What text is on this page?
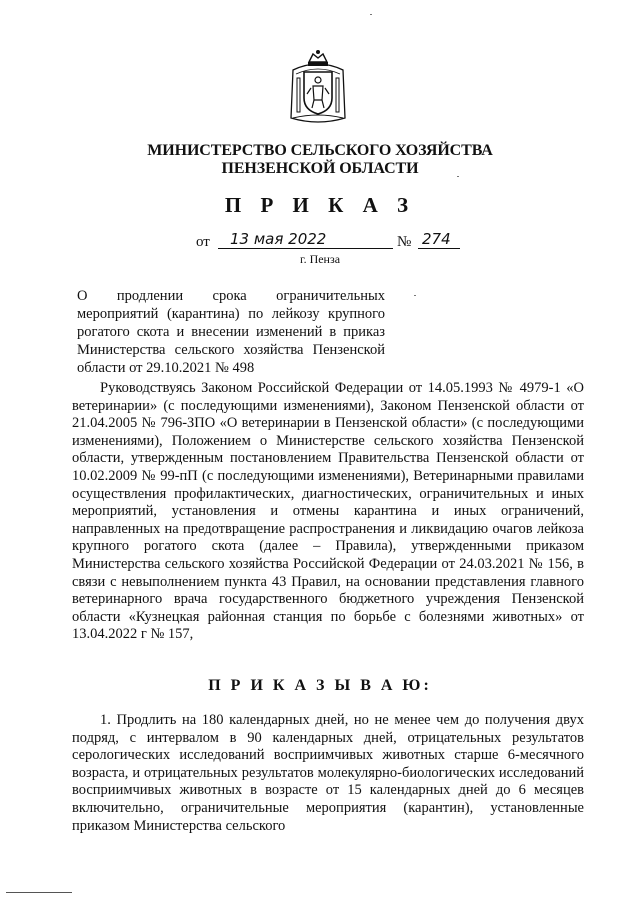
МИНИСТЕРСТВО СЕЛЬСКОГО ХОЗЯЙСТВА
ПЕНЗЕНСКОЙ ОБЛАСТИ
П Р И К А З
от	13 мая 2022	№ 274
г. Пенза
О продлении срока ограничительных мероприятий (карантина) по лейкозу крупного рогатого скота и внесении изменений в приказ Министерства сельского хозяйства Пензенской области от 29.10.2021 № 498

Руководствуясь Законом Российской Федерации от 14.05.1993 № 4979-1 «О ветеринарии» (с последующими изменениями), Законом Пензенской области от 21.04.2005 № 796-ЗПО «О ветеринарии в Пензенской области» (с последующими изменениями), Положением о Министерстве сельского хозяйства Пензенской области, утвержденным постановлением Правительства Пензенской области от 10.02.2009 № 99-пП (с последующими изменениями), Ветеринарными правилами осуществления профилактических, диагностических, ограничительных и иных мероприятий, установления и отмены карантина и иных ограничений, направленных на предотвращение распространения и ликвидацию очагов лейкоза крупного рогатого скота (далее – Правила), утвержденными приказом Министерства сельского хозяйства Российской Федерации от 24.03.2021 № 156, в связи с невыполнением пункта 43 Правил, на основании представления главного ветеринарного врача государственного бюджетного учреждения Пензенской области «Кузнецкая районная станция по борьбе с болезнями животных» от 13.04.2022 г № 157,

П Р И К А З Ы В А Ю:

1. Продлить на 180 календарных дней, но не менее чем до получения двух подряд, с интервалом в 90 календарных дней, отрицательных результатов серологических исследований восприимчивых животных старше 6-месячного возраста, и отрицательных результатов молекулярно-биологических исследований восприимчивых животных в возрасте от 15 календарных дней до 6 месяцев включительно, ограничительные мероприятия (карантин), установленные приказом Министерства сельского
